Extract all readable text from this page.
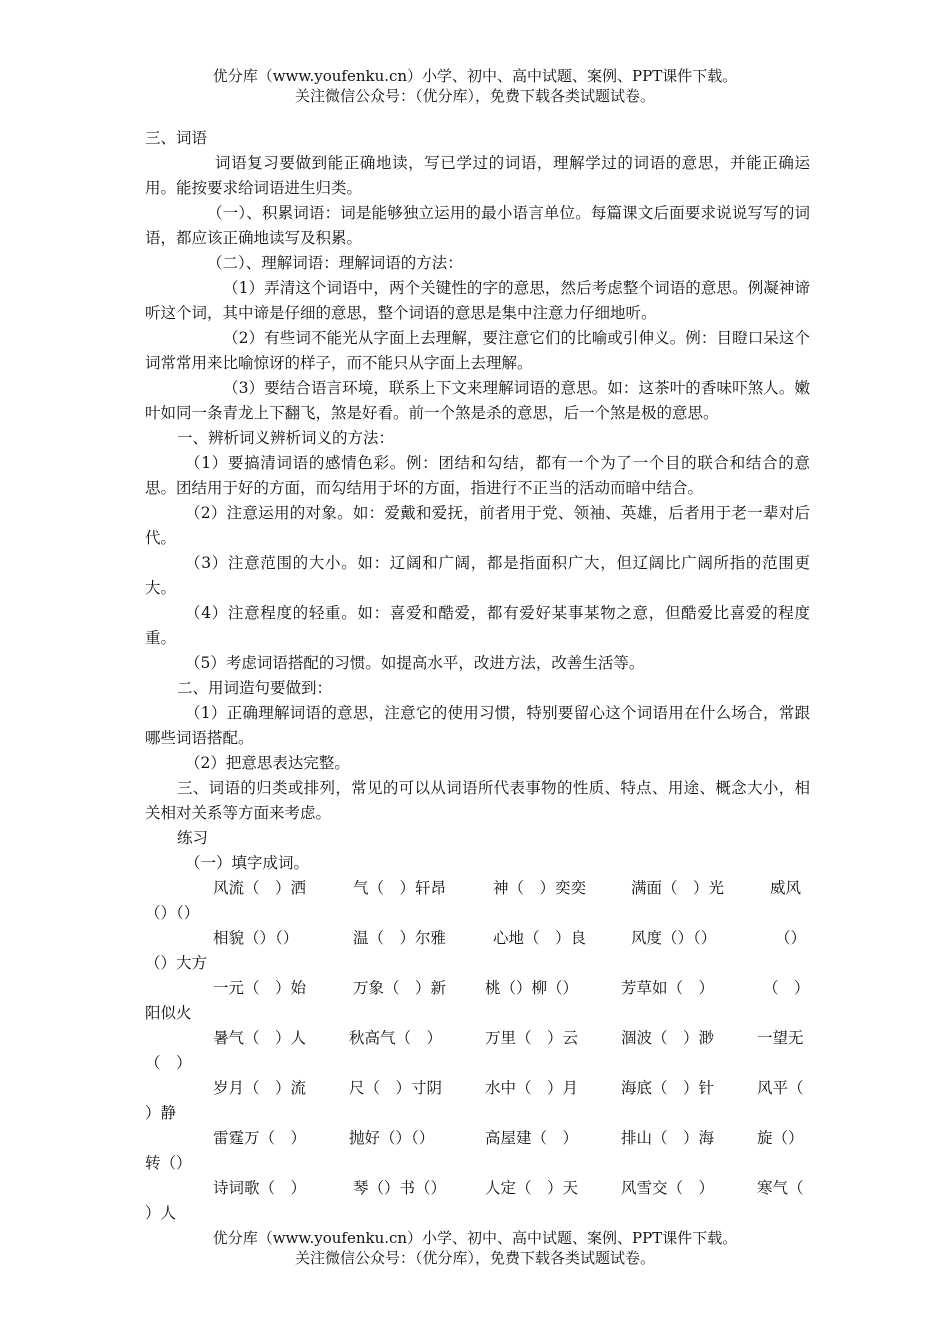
优分库（www.youfenku.cn）小学、初中、高中试题、案例、PPT课件下载。
关注微信公众号：（优分库），免费下载各类试题试卷。

三、词语

词语复习要做到能正确地读，写已学过的词语，理解学过的词语的意思，并能正确运用。能按要求给词语进生归类。

（一）、积累词语：词是能够独立运用的最小语言单位。每篇课文后面要求说说写写的词语，都应该正确地读写及积累。

（二）、理解词语：理解词语的方法：

（1）弄清这个词语中，两个关键性的字的意思，然后考虑整个词语的意思。例凝神谛听这个词，其中谛是仔细的意思，整个词语的意思是集中注意力仔细地听。

（2）有些词不能光从字面上去理解，要注意它们的比喻或引伸义。例：目瞪口呆这个词常常用来比喻惊讶的样子，而不能只从字面上去理解。

（3）要结合语言环境，联系上下文来理解词语的意思。如：这茶叶的香味吓煞人。嫩叶如同一条青龙上下翻飞，煞是好看。前一个煞是杀的意思，后一个煞是极的意思。

一、辨析词义辨析词义的方法：

（1）要搞清词语的感情色彩。例：团结和勾结，都有一个为了一个目的联合和结合的意思。团结用于好的方面，而勾结用于坏的方面，指进行不正当的活动而暗中结合。

（2）注意运用的对象。如：爱戴和爱抚，前者用于党、领袖、英雄，后者用于老一辈对后代。

（3）注意范围的大小。如：辽阔和广阔，都是指面积广大，但辽阔比广阔所指的范围更大。

（4）注意程度的轻重。如：喜爱和酷爱，都有爱好某事某物之意，但酷爱比喜爱的程度重。

（5）考虑词语搭配的习惯。如提高水平，改进方法，改善生活等。

二、用词造句要做到：

（1）正确理解词语的意思，注意它的使用习惯，特别要留心这个词语用在什么场合，常跟哪些词语搭配。

（2）把意思表达完整。

三、词语的归类或排列，常见的可以从词语所代表事物的性质、特点、用途、概念大小，相关相对关系等方面来考虑。

练习

（一）填字成词。

风流（　）洒	气（　）轩昂	神（　）奕奕	满面（　）光	威风
（）（）
相貌（）（）	温（　）尔雅	心地（　）良	风度（）（）	（）
（）大方
一元（　）始	万象（　）新	桃（）柳（）	芳草如（　）	（　）
阳似火
暑气（　）人	秋高气（　）	万里（　）云	涸波（　）渺	一望无
（　）
岁月（　）流	尺（　）寸阴	水中（　）月	海底（　）针	风平（
）静
雷霆万（　）	抛好（）（）	高屋建（　）	排山（　）海	旋（）
转（）
诗词歌（　）	琴（）书（）	人定（　）天	风雪交（　）	寒气（
）人
优分库（www.youfenku.cn）小学、初中、高中试题、案例、PPT课件下载。
关注微信公众号：（优分库），免费下载各类试题试卷。
